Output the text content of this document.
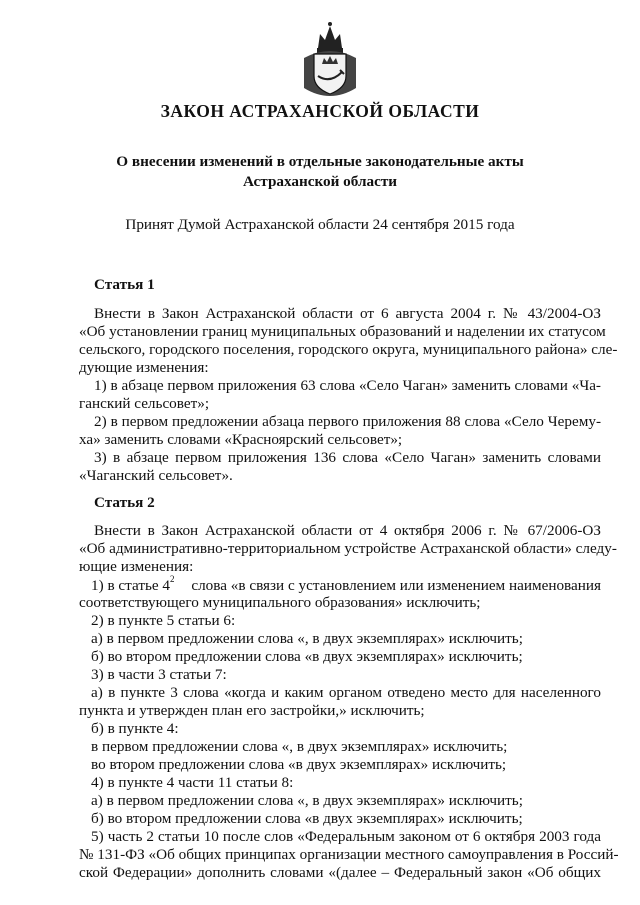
ЗАКОН АСТРАХАНСКОЙ ОБЛАСТИ
О внесении изменений в отдельные законодательные акты
Астраханской области
Принят Думой Астраханской области 24 сентября 2015 года
Статья 1
Внести в Закон Астраханской области от 6 августа 2004 г. № 43/2004-ОЗ
«Об установлении границ муниципальных образований и наделении их статусом
сельского, городского поселения, городского округа, муниципального района» сле-
дующие изменения:
1) в абзаце первом приложения 63 слова «Село Чаган» заменить словами «Ча-
ганский сельсовет»;
2) в первом предложении абзаца первого приложения 88 слова «Село Черему-
ха» заменить словами «Красноярский сельсовет»;
3) в абзаце первом приложения 136 слова «Село Чаган» заменить словами
«Чаганский сельсовет».
Статья 2
Внести в Закон Астраханской области от 4 октября 2006 г. № 67/2006-ОЗ
«Об административно-территориальном устройстве Астраханской области» следу-
ющие изменения:
1) в статье $4^2$ слова «в связи с установлением или изменением наименования
соответствующего муниципального образования» исключить;
2) в пункте 5 статьи 6:
а) в первом предложении слова «, в двух экземплярах» исключить;
б) во втором предложении слова «в двух экземплярах» исключить;
3) в части 3 статьи 7:
а) в пункте 3 слова «когда и каким органом отведено место для населенного
пункта и утвержден план его застройки,» исключить;
б) в пункте 4:
в первом предложении слова «, в двух экземплярах» исключить;
во втором предложении слова «в двух экземплярах» исключить;
4) в пункте 4 части 11 статьи 8:
а) в первом предложении слова «, в двух экземплярах» исключить;
б) во втором предложении слова «в двух экземплярах» исключить;
5) часть 2 статьи 10 после слов «Федеральным законом от 6 октября 2003 года
№ 131-ФЗ «Об общих принципах организации местного самоуправления в Россий-
ской Федерации» дополнить словами «(далее – Федеральный закон «Об общих
